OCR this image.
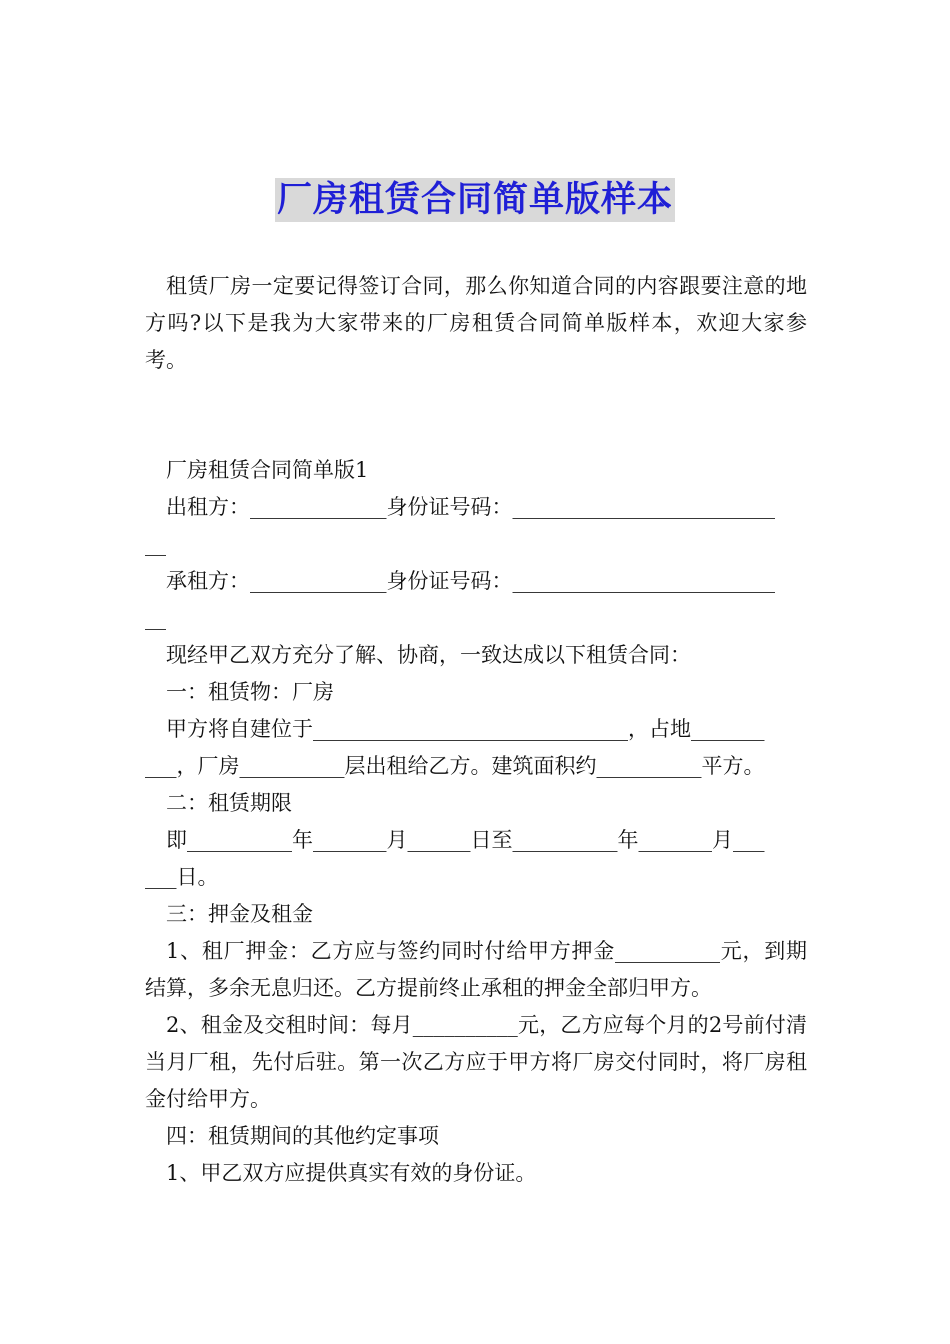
厂房租赁合同简单版样本

租赁厂房一定要记得签订合同，那么你知道合同的内容跟要注意的地方吗?以下是我为大家带来的厂房租赁合同简单版样本，欢迎大家参考。

厂房租赁合同简单版1
出租方：_____________身份证号码：_________________________
__
承租方：_____________身份证号码：_________________________
__
现经甲乙双方充分了解、协商，一致达成以下租赁合同：
一：租赁物：厂房
甲方将自建位于______________________________，占地_______
___，厂房__________层出租给乙方。建筑面积约__________平方。
二：租赁期限
即__________年_______月______日至__________年_______月___
___日。
三：押金及租金

1、租厂押金：乙方应与签约同时付给甲方押金__________元，到期结算，多余无息归还。乙方提前终止承租的押金全部归甲方。

2、租金及交租时间：每月__________元，乙方应每个月的2号前付清当月厂租，先付后驻。第一次乙方应于甲方将厂房交付同时，将厂房租金付给甲方。

四：租赁期间的其他约定事项
1、甲乙双方应提供真实有效的身份证。
